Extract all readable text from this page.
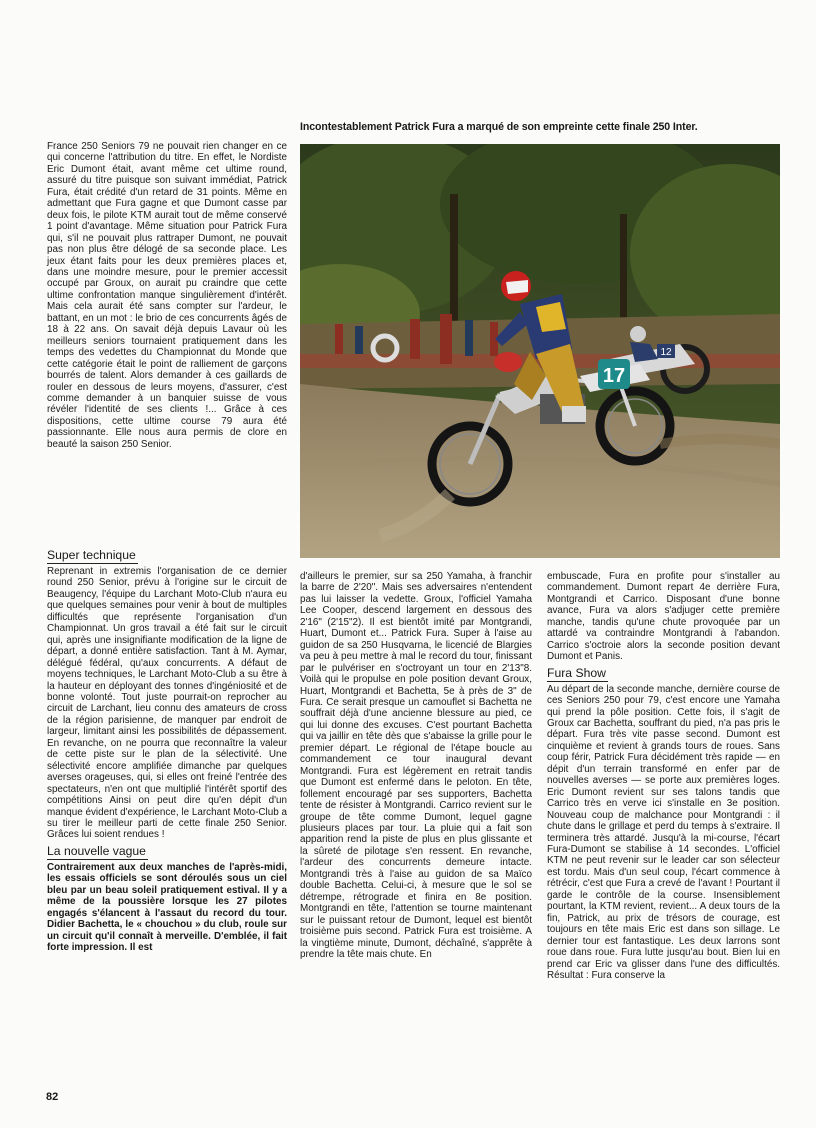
Incontestablement Patrick Fura a marqué de son empreinte cette finale 250 Inter.
12
17

France 250 Seniors 79 ne pouvait rien changer en ce qui concerne l'attribution du titre. En effet, le Nordiste Eric Dumont était, avant même cet ultime round, assuré du titre puisque son suivant immédiat, Patrick Fura, était crédité d'un retard de 31 points. Même en admettant que Fura gagne et que Dumont casse par deux fois, le pilote KTM aurait tout de même conservé 1 point d'avantage. Même situation pour Patrick Fura qui, s'il ne pouvait plus rattraper Dumont, ne pouvait pas non plus être délogé de sa seconde place. Les jeux étant faits pour les deux premières places et, dans une moindre mesure, pour le premier accessit occupé par Groux, on aurait pu craindre que cette ultime confrontation manque singulièrement d'intérêt. Mais cela aurait été sans compter sur l'ardeur, le battant, en un mot : le brio de ces concurrents âgés de 18 à 22 ans. On savait déjà depuis Lavaur où les meilleurs seniors tournaient pratiquement dans les temps des vedettes du Championnat du Monde que cette catégorie était le point de ralliement de garçons bourrés de talent. Alors demander à ces gaillards de rouler en dessous de leurs moyens, d'assurer, c'est comme demander à un banquier suisse de vous révéler l'identité de ses clients !... Grâce à ces dispositions, cette ultime course 79 aura été passionnante. Elle nous aura permis de clore en beauté la saison 250 Senior.

Super technique

Reprenant in extremis l'organisation de ce dernier round 250 Senior, prévu à l'origine sur le circuit de Beaugency, l'équipe du Larchant Moto-Club n'aura eu que quelques semaines pour venir à bout de multiples difficultés que représente l'organisation d'un Championnat. Un gros travail a été fait sur le circuit qui, après une insignifiante modification de la ligne de départ, a donné entière satisfaction. Tant à M. Aymar, délégué fédéral, qu'aux concurrents. A défaut de moyens techniques, le Larchant Moto-Club a su être à la hauteur en déployant des tonnes d'ingéniosité et de bonne volonté. Tout juste pourrait-on reprocher au circuit de Larchant, lieu connu des amateurs de cross de la région parisienne, de manquer par endroit de largeur, limitant ainsi les possibilités de dépassement. En revanche, on ne pourra que reconnaître la valeur de cette piste sur le plan de la sélectivité. Une sélectivité encore amplifiée dimanche par quelques averses orageuses, qui, si elles ont freiné l'entrée des spectateurs, n'en ont que multiplié l'intérêt sportif des compétitions Ainsi on peut dire qu'en dépit d'un manque évident d'expérience, le Larchant Moto-Club a su tirer le meilleur parti de cette finale 250 Senior. Grâces lui soient rendues !

La nouvelle vague

Contrairement aux deux manches de l'après-midi, les essais officiels se sont déroulés sous un ciel bleu par un beau soleil pratiquement estival. Il y a même de la poussière lorsque les 27 pilotes engagés s'élancent à l'assaut du record du tour. Didier Bachetta, le « chouchou » du club, roule sur un circuit qu'il connaît à merveille. D'emblée, il fait forte impression. Il est

d'ailleurs le premier, sur sa 250 Yamaha, à franchir la barre de 2'20". Mais ses adversaires n'entendent pas lui laisser la vedette. Groux, l'officiel Yamaha Lee Cooper, descend largement en dessous des 2'16" (2'15"2). Il est bientôt imité par Montgrandi, Huart, Dumont et... Patrick Fura. Super à l'aise au guidon de sa 250 Husqvarna, le licencié de Blargies va peu à peu mettre à mal le record du tour, finissant par le pulvériser en s'octroyant un tour en 2'13"8. Voilà qui le propulse en pole position devant Groux, Huart, Montgrandi et Bachetta, 5e à près de 3" de Fura. Ce serait presque un camouflet si Bachetta ne souffrait déjà d'une ancienne blessure au pied, ce qui lui donne des excuses. C'est pourtant Bachetta qui va jaillir en tête dès que s'abaisse la grille pour le premier départ. Le régional de l'étape boucle au commandement ce tour inaugural devant Montgrandi. Fura est légèrement en retrait tandis que Dumont est enfermé dans le peloton. En tête, follement encouragé par ses supporters, Bachetta tente de résister à Montgrandi. Carrico revient sur le groupe de tête comme Dumont, lequel gagne plusieurs places par tour. La pluie qui a fait son apparition rend la piste de plus en plus glissante et la sûreté de pilotage s'en ressent. En revanche, l'ardeur des concurrents demeure intacte. Montgrandi très à l'aise au guidon de sa Maïco double Bachetta. Celui-ci, à mesure que le sol se détrempe, rétrograde et finira en 8e position. Montgrandi en tête, l'attention se tourne maintenant sur le puissant retour de Dumont, lequel est bientôt troisième puis second. Patrick Fura est troisième. A la vingtième minute, Dumont, déchaîné, s'apprête à prendre la tête mais chute. En

embuscade, Fura en profite pour s'installer au commandement. Dumont repart 4e derrière Fura, Montgrandi et Carrico. Disposant d'une bonne avance, Fura va alors s'adjuger cette première manche, tandis qu'une chute provoquée par un attardé va contraindre Montgrandi à l'abandon. Carrico s'octroie alors la seconde position devant Dumont et Panis.

Fura Show

Au départ de la seconde manche, dernière course de ces Seniors 250 pour 79, c'est encore une Yamaha qui prend la pôle position. Cette fois, il s'agit de Groux car Bachetta, souffrant du pied, n'a pas pris le départ. Fura très vite passe second. Dumont est cinquième et revient à grands tours de roues. Sans coup férir, Patrick Fura décidément très rapide — en dépit d'un terrain transformé en enfer par de nouvelles averses — se porte aux premières loges. Eric Dumont revient sur ses talons tandis que Carrico très en verve ici s'installe en 3e position. Nouveau coup de malchance pour Montgrandi : il chute dans le grillage et perd du temps à s'extraire. Il terminera très attardé. Jusqu'à la mi-course, l'écart Fura-Dumont se stabilise à 14 secondes. L'officiel KTM ne peut revenir sur le leader car son sélecteur est tordu. Mais d'un seul coup, l'écart commence à rétrécir, c'est que Fura a crevé de l'avant ! Pourtant il garde le contrôle de la course. Insensiblement pourtant, la KTM revient, revient... A deux tours de la fin, Patrick, au prix de trésors de courage, est toujours en tête mais Eric est dans son sillage. Le dernier tour est fantastique. Les deux larrons sont roue dans roue. Fura lutte jusqu'au bout. Bien lui en prend car Eric va glisser dans l'une des difficultés. Résultat : Fura conserve la

82
